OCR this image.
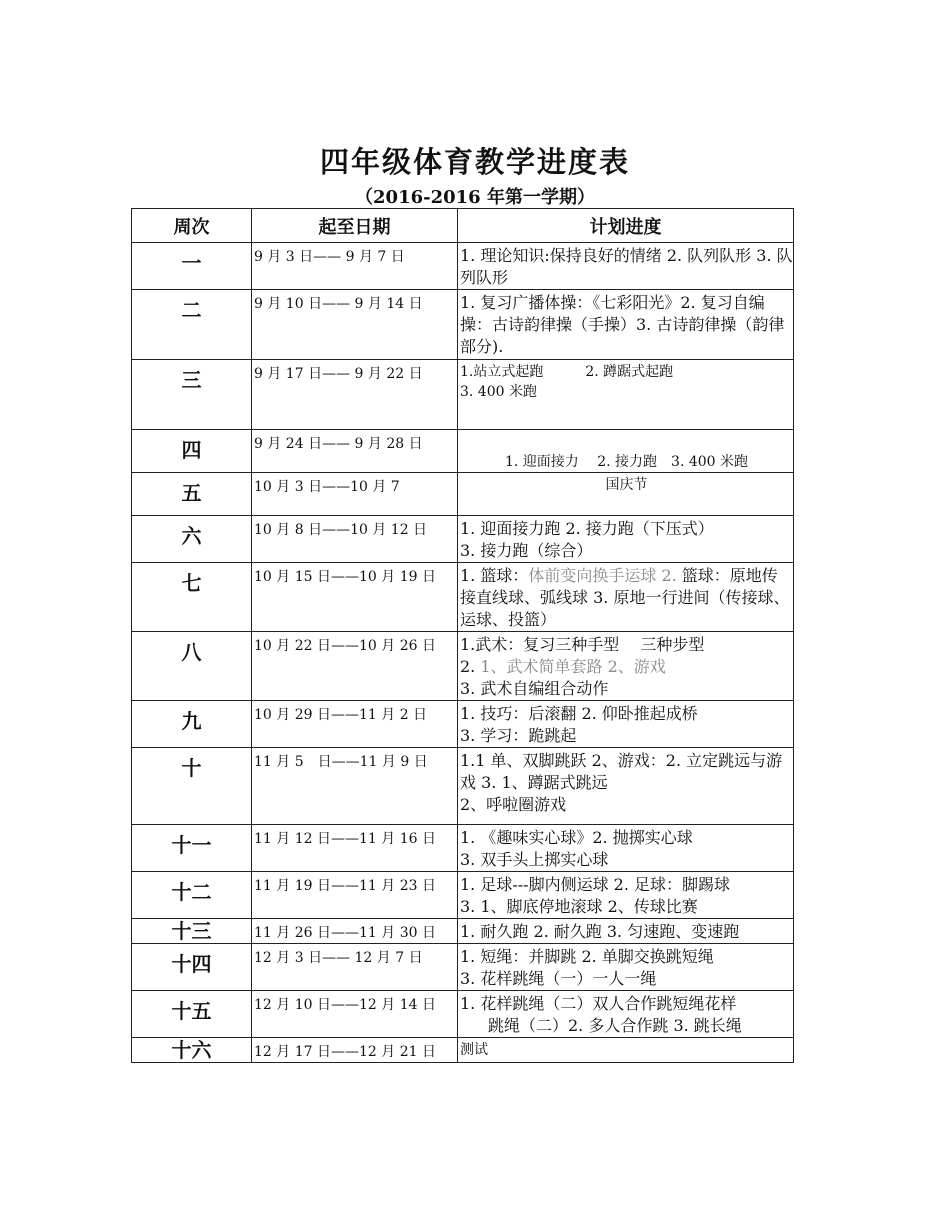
四年级体育教学进度表
（2016-2016 年第一学期）
周次	起至日期	计划进度
一	9 月 3 日—— 9 月 7 日	1. 理论知识:保持良好的情绪 2. 队列队形 3. 队列队形
二	9 月 10 日—— 9 月 14 日	1. 复习广播体操：《七彩阳光》2. 复习自编操：古诗韵律操（手操）3. 古诗韵律操（韵律部分).
三	9 月 17 日—— 9 月 22 日	1.站立式起跑　　　2. 蹲踞式起跑
3. 400 米跑

四	9 月 24 日—— 9 月 28 日	1. 迎面接力　 2. 接力跑　3. 400 米跑
五	10 月 3 日——10 月 7	国庆节
六	10 月 8 日——10 月 12 日	1. 迎面接力跑 2. 接力跑（下压式）
3. 接力跑（综合）

七	10 月 15 日——10 月 19 日	1. 篮球：体前变向换手运球 2. 篮球：原地传接直线球、弧线球 3. 原地一行进间（传接球、运球、投篮）
八	10 月 22 日——10 月 26 日	1.武术：复习三种手型　 三种步型
2. 1、武术简单套路 2、游戏
3. 武术自编组合动作

九	10 月 29 日——11 月 2 日	1. 技巧：后滚翻 2. 仰卧推起成桥
3. 学习：跪跳起

十	11 月 5　日——11 月 9 日	1.1 单、双脚跳跃 2、游戏：2. 立定跳远与游戏 3. 1、蹲踞式跳远
2、呼啦圈游戏

十一	11 月 12 日——11 月 16 日	1. 《趣味实心球》2. 抛掷实心球
3. 双手头上掷实心球

十二	11 月 19 日——11 月 23 日	1. 足球---脚内侧运球 2. 足球：脚踢球
3. 1、脚底停地滚球 2、传球比赛

十三	11 月 26 日——11 月 30 日	1. 耐久跑 2. 耐久跑 3. 匀速跑、变速跑
十四	12 月 3 日—— 12 月 7 日	1. 短绳：并脚跳 2. 单脚交换跳短绳
3. 花样跳绳（一）一人一绳

十五	12 月 10 日——12 月 14 日	1. 花样跳绳（二）双人合作跳短绳花样
跳绳（二）2. 多人合作跳 3. 跳长绳

十六	12 月 17 日——12 月 21 日	测试
